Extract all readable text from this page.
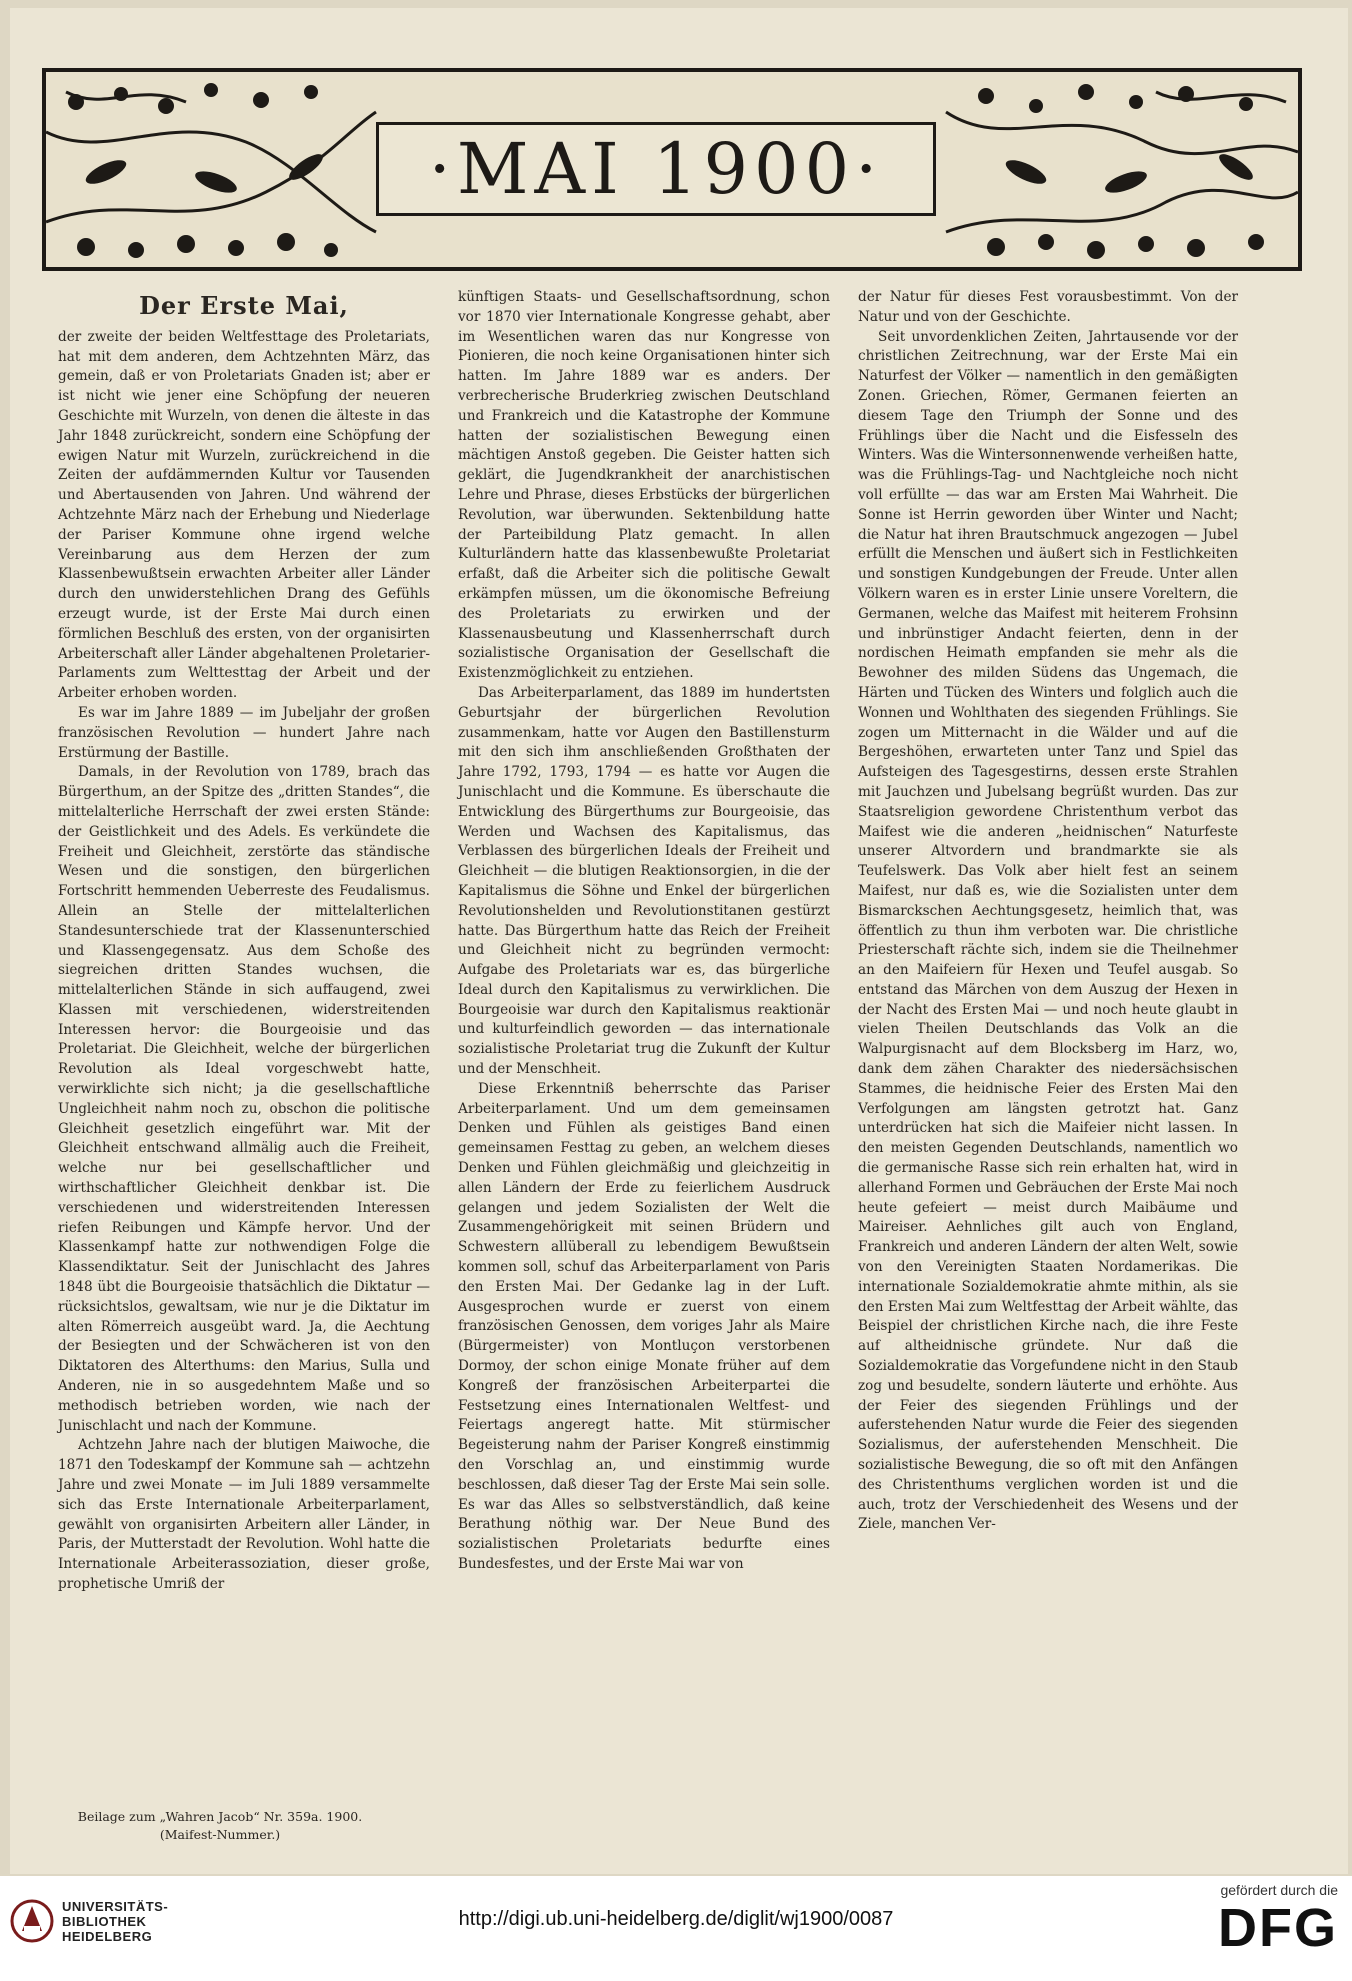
·MAI 1900·
Der Erste Mai,

der zweite der beiden Weltfesttage des Proletariats, hat mit dem anderen, dem Achtzehnten März, das gemein, daß er von Proletariats Gnaden ist; aber er ist nicht wie jener eine Schöpfung der neueren Geschichte mit Wurzeln, von denen die älteste in das Jahr 1848 zurückreicht, sondern eine Schöpfung der ewigen Natur mit Wurzeln, zurückreichend in die Zeiten der aufdämmernden Kultur vor Tausenden und Abertausenden von Jahren. Und während der Achtzehnte März nach der Erhebung und Niederlage der Pariser Kommune ohne irgend welche Vereinbarung aus dem Herzen der zum Klassenbewußtsein erwachten Arbeiter aller Länder durch den unwiderstehlichen Drang des Gefühls erzeugt wurde, ist der Erste Mai durch einen förmlichen Beschluß des ersten, von der organisirten Arbeiterschaft aller Länder abgehaltenen Proletarier-Parlaments zum Welttesttag der Arbeit und der Arbeiter erhoben worden.

Es war im Jahre 1889 — im Jubeljahr der großen französischen Revolution — hundert Jahre nach Erstürmung der Bastille.

Damals, in der Revolution von 1789, brach das Bürgerthum, an der Spitze des „dritten Standes“, die mittelalterliche Herrschaft der zwei ersten Stände: der Geistlichkeit und des Adels. Es verkündete die Freiheit und Gleichheit, zerstörte das ständische Wesen und die sonstigen, den bürgerlichen Fortschritt hemmenden Ueberreste des Feudalismus. Allein an Stelle der mittelalterlichen Standesunterschiede trat der Klassenunterschied und Klassengegensatz. Aus dem Schoße des siegreichen dritten Standes wuchsen, die mittelalterlichen Stände in sich auffaugend, zwei Klassen mit verschiedenen, widerstreitenden Interessen hervor: die Bourgeoisie und das Proletariat. Die Gleichheit, welche der bürgerlichen Revolution als Ideal vorgeschwebt hatte, verwirklichte sich nicht; ja die gesellschaftliche Ungleichheit nahm noch zu, obschon die politische Gleichheit gesetzlich eingeführt war. Mit der Gleichheit entschwand allmälig auch die Freiheit, welche nur bei gesellschaftlicher und wirthschaftlicher Gleichheit denkbar ist. Die verschiedenen und widerstreitenden Interessen riefen Reibungen und Kämpfe hervor. Und der Klassenkampf hatte zur nothwendigen Folge die Klassendiktatur. Seit der Junischlacht des Jahres 1848 übt die Bourgeoisie thatsächlich die Diktatur — rücksichtslos, gewaltsam, wie nur je die Diktatur im alten Römerreich ausgeübt ward. Ja, die Aechtung der Besiegten und der Schwächeren ist von den Diktatoren des Alterthums: den Marius, Sulla und Anderen, nie in so ausgedehntem Maße und so methodisch betrieben worden, wie nach der Junischlacht und nach der Kommune.

Achtzehn Jahre nach der blutigen Maiwoche, die 1871 den Todeskampf der Kommune sah — achtzehn Jahre und zwei Monate — im Juli 1889 versammelte sich das Erste Internationale Arbeiterparlament, gewählt von organisirten Arbeitern aller Länder, in Paris, der Mutterstadt der Revolution. Wohl hatte die Internationale Arbeiterassoziation, dieser große, prophetische Umriß der

künftigen Staats- und Gesellschaftsordnung, schon vor 1870 vier Internationale Kongresse gehabt, aber im Wesentlichen waren das nur Kongresse von Pionieren, die noch keine Organisationen hinter sich hatten. Im Jahre 1889 war es anders. Der verbrecherische Bruderkrieg zwischen Deutschland und Frankreich und die Katastrophe der Kommune hatten der sozialistischen Bewegung einen mächtigen Anstoß gegeben. Die Geister hatten sich geklärt, die Jugendkrankheit der anarchistischen Lehre und Phrase, dieses Erbstücks der bürgerlichen Revolution, war überwunden. Sektenbildung hatte der Parteibildung Platz gemacht. In allen Kulturländern hatte das klassenbewußte Proletariat erfaßt, daß die Arbeiter sich die politische Gewalt erkämpfen müssen, um die ökonomische Befreiung des Proletariats zu erwirken und der Klassenausbeutung und Klassenherrschaft durch sozialistische Organisation der Gesellschaft die Existenzmöglichkeit zu entziehen.

Das Arbeiterparlament, das 1889 im hundertsten Geburtsjahr der bürgerlichen Revolution zusammenkam, hatte vor Augen den Bastillensturm mit den sich ihm anschließenden Großthaten der Jahre 1792, 1793, 1794 — es hatte vor Augen die Junischlacht und die Kommune. Es überschaute die Entwicklung des Bürgerthums zur Bourgeoisie, das Werden und Wachsen des Kapitalismus, das Verblassen des bürgerlichen Ideals der Freiheit und Gleichheit — die blutigen Reaktionsorgien, in die der Kapitalismus die Söhne und Enkel der bürgerlichen Revolutionshelden und Revolutionstitanen gestürzt hatte. Das Bürgerthum hatte das Reich der Freiheit und Gleichheit nicht zu begründen vermocht: Aufgabe des Proletariats war es, das bürgerliche Ideal durch den Kapitalismus zu verwirklichen. Die Bourgeoisie war durch den Kapitalismus reaktionär und kulturfeindlich geworden — das internationale sozialistische Proletariat trug die Zukunft der Kultur und der Menschheit.

Diese Erkenntniß beherrschte das Pariser Arbeiterparlament. Und um dem gemeinsamen Denken und Fühlen als geistiges Band einen gemeinsamen Festtag zu geben, an welchem dieses Denken und Fühlen gleichmäßig und gleichzeitig in allen Ländern der Erde zu feierlichem Ausdruck gelangen und jedem Sozialisten der Welt die Zusammengehörigkeit mit seinen Brüdern und Schwestern allüberall zu lebendigem Bewußtsein kommen soll, schuf das Arbeiterparlament von Paris den Ersten Mai. Der Gedanke lag in der Luft. Ausgesprochen wurde er zuerst von einem französischen Genossen, dem voriges Jahr als Maire (Bürgermeister) von Montluçon verstorbenen Dormoy, der schon einige Monate früher auf dem Kongreß der französischen Arbeiterpartei die Festsetzung eines Internationalen Weltfest- und Feiertags angeregt hatte. Mit stürmischer Begeisterung nahm der Pariser Kongreß einstimmig den Vorschlag an, und einstimmig wurde beschlossen, daß dieser Tag der Erste Mai sein solle. Es war das Alles so selbstverständlich, daß keine Berathung nöthig war. Der Neue Bund des sozialistischen Proletariats bedurfte eines Bundesfestes, und der Erste Mai war von

der Natur für dieses Fest vorausbestimmt. Von der Natur und von der Geschichte.

Seit unvordenklichen Zeiten, Jahrtausende vor der christlichen Zeitrechnung, war der Erste Mai ein Naturfest der Völker — namentlich in den gemäßigten Zonen. Griechen, Römer, Germanen feierten an diesem Tage den Triumph der Sonne und des Frühlings über die Nacht und die Eisfesseln des Winters. Was die Wintersonnenwende verheißen hatte, was die Frühlings-Tag- und Nachtgleiche noch nicht voll erfüllte — das war am Ersten Mai Wahrheit. Die Sonne ist Herrin geworden über Winter und Nacht; die Natur hat ihren Brautschmuck angezogen — Jubel erfüllt die Menschen und äußert sich in Festlichkeiten und sonstigen Kundgebungen der Freude. Unter allen Völkern waren es in erster Linie unsere Voreltern, die Germanen, welche das Maifest mit heiterem Frohsinn und inbrünstiger Andacht feierten, denn in der nordischen Heimath empfanden sie mehr als die Bewohner des milden Südens das Ungemach, die Härten und Tücken des Winters und folglich auch die Wonnen und Wohlthaten des siegenden Frühlings. Sie zogen um Mitternacht in die Wälder und auf die Bergeshöhen, erwarteten unter Tanz und Spiel das Aufsteigen des Tagesgestirns, dessen erste Strahlen mit Jauchzen und Jubelsang begrüßt wurden. Das zur Staatsreligion gewordene Christenthum verbot das Maifest wie die anderen „heidnischen“ Naturfeste unserer Altvordern und brandmarkte sie als Teufelswerk. Das Volk aber hielt fest an seinem Maifest, nur daß es, wie die Sozialisten unter dem Bismarckschen Aechtungsgesetz, heimlich that, was öffentlich zu thun ihm verboten war. Die christliche Priesterschaft rächte sich, indem sie die Theilnehmer an den Maifeiern für Hexen und Teufel ausgab. So entstand das Märchen von dem Auszug der Hexen in der Nacht des Ersten Mai — und noch heute glaubt in vielen Theilen Deutschlands das Volk an die Walpurgisnacht auf dem Blocksberg im Harz, wo, dank dem zähen Charakter des niedersächsischen Stammes, die heidnische Feier des Ersten Mai den Verfolgungen am längsten getrotzt hat. Ganz unterdrücken hat sich die Maifeier nicht lassen. In den meisten Gegenden Deutschlands, namentlich wo die germanische Rasse sich rein erhalten hat, wird in allerhand Formen und Gebräuchen der Erste Mai noch heute gefeiert — meist durch Maibäume und Maireiser. Aehnliches gilt auch von England, Frankreich und anderen Ländern der alten Welt, sowie von den Vereinigten Staaten Nordamerikas. Die internationale Sozialdemokratie ahmte mithin, als sie den Ersten Mai zum Weltfesttag der Arbeit wählte, das Beispiel der christlichen Kirche nach, die ihre Feste auf altheidnische gründete. Nur daß die Sozialdemokratie das Vorgefundene nicht in den Staub zog und besudelte, sondern läuterte und erhöhte. Aus der Feier des siegenden Frühlings und der auferstehenden Natur wurde die Feier des siegenden Sozialismus, der auferstehenden Menschheit. Die sozialistische Bewegung, die so oft mit den Anfängen des Christenthums verglichen worden ist und die auch, trotz der Verschiedenheit des Wesens und der Ziele, manchen Ver-

Beilage zum „Wahren Jacob“ Nr. 359a. 1900.
(Maifest-Nummer.)
UNIVERSITÄTS-
BIBLIOTHEK
HEIDELBERG
http://digi.ub.uni-heidelberg.de/diglit/wj1900/0087
gefördert durch die
DFG
